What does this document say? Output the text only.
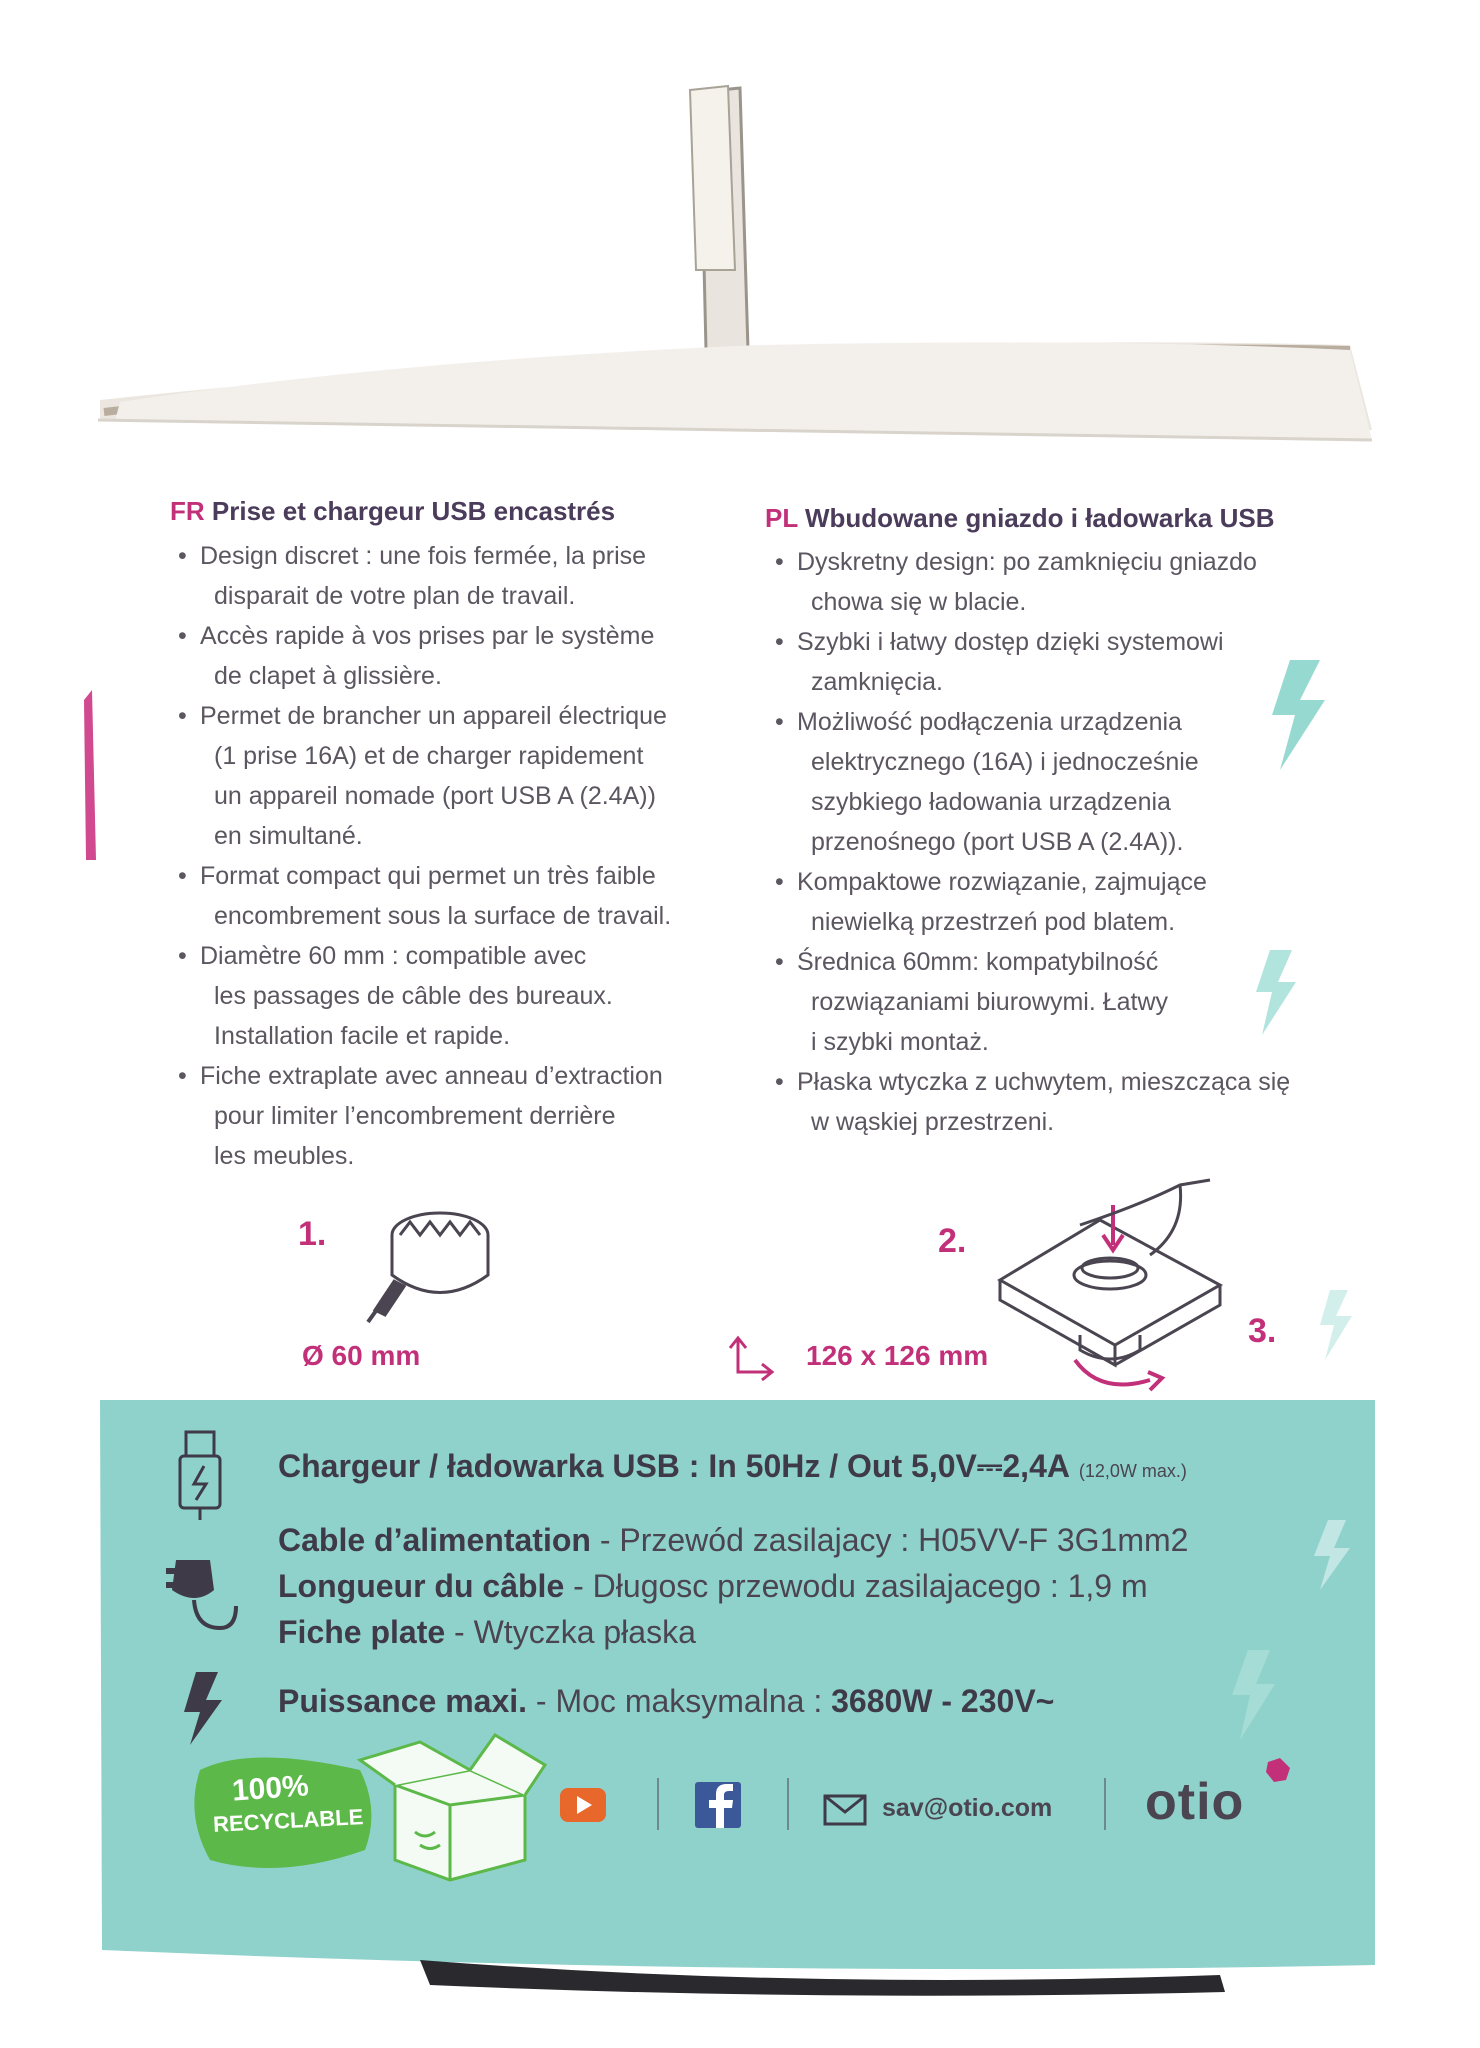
FR Prise et chargeur USB encastrés
• Design discret : une fois fermée, la prise
disparait de votre plan de travail.
• Accès rapide à vos prises par le système
de clapet à glissière.
• Permet de brancher un appareil électrique
(1 prise 16A) et de charger rapidement
un appareil nomade (port USB A (2.4A))
en simultané.
• Format compact qui permet un très faible
encombrement sous la surface de travail.
• Diamètre 60 mm : compatible avec
les passages de câble des bureaux.
Installation facile et rapide.
• Fiche extraplate avec anneau d’extraction
pour limiter l’encombrement derrière
les meubles.
PL Wbudowane gniazdo i ładowarka USB
• Dyskretny design: po zamknięciu gniazdo
chowa się w blacie.
• Szybki i łatwy dostęp dzięki systemowi
zamknięcia.
• Możliwość podłączenia urządzenia
elektrycznego (16A) i jednocześnie
szybkiego ładowania urządzenia
przenośnego (port USB A (2.4A)).
• Kompaktowe rozwiązanie, zajmujące
niewielką przestrzeń pod blatem.
• Średnica 60mm: kompatybilność
rozwiązaniami biurowymi. Łatwy
i szybki montaż.
• Płaska wtyczka z uchwytem, mieszcząca się
w wąskiej przestrzeni.
1.	2.
3.
Ø 60 mm	126 x 126 mm
Chargeur / ładowarka USB : In 50Hz / Out 5,0V⎓2,4A (12,0W max.)
Cable d’alimentation - Przewód zasilajacy : H05VV-F 3G1mm2
Longueur du câble - Długosc przewodu zasilajacego : 1,9 m
Fiche plate - Wtyczka płaska
Puissance maxi. - Moc maksymalna : 3680W - 230V~
100%
RECYCLABLE	sav@otio.com otio
